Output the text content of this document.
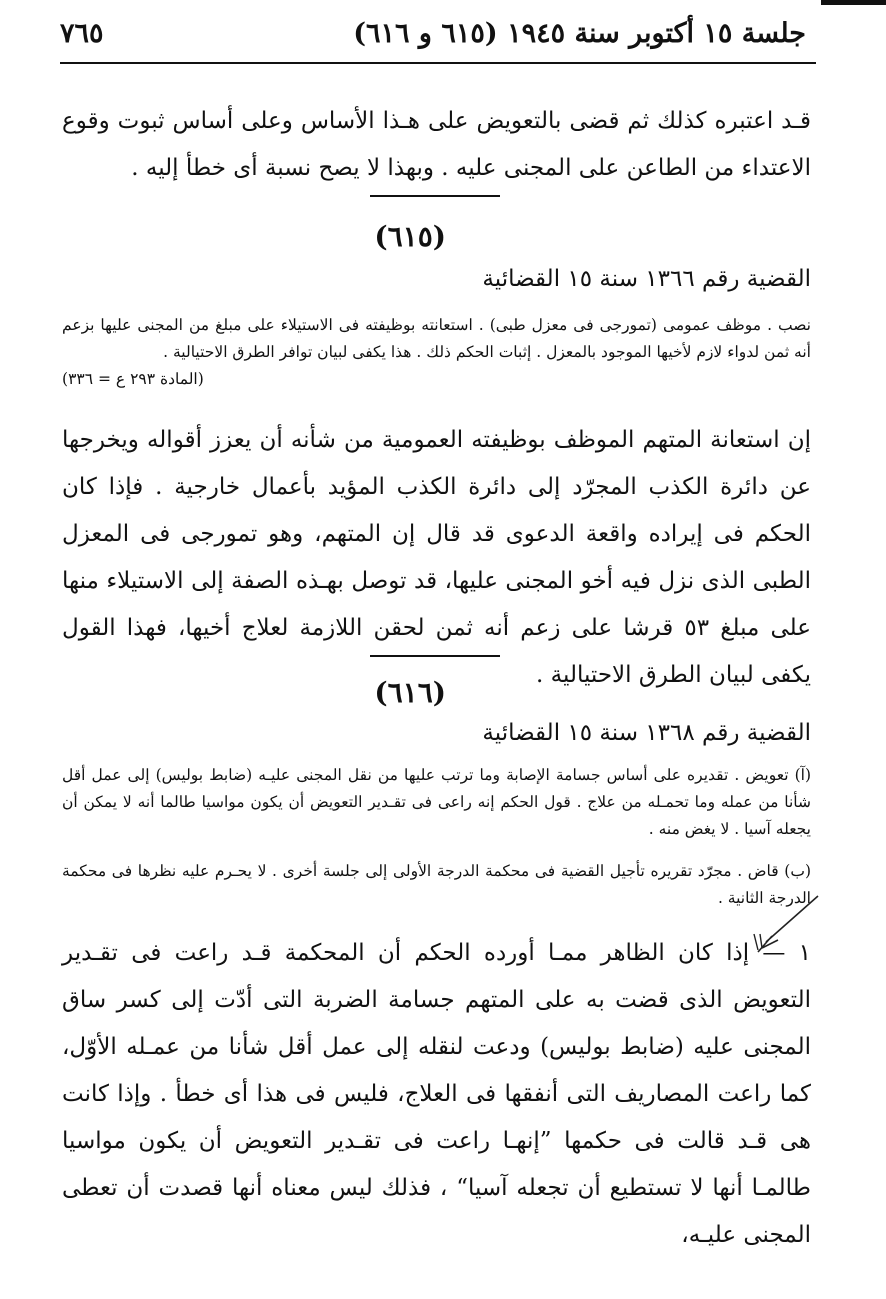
جلسة ١٥ أكتوبر سنة ١٩٤٥ (٦١٥ و ٦١٦)
٧٦٥
قـد اعتبره كذلك ثم قضى بالتعويض على هـذا الأساس وعلى أساس ثبوت وقوع الاعتداء من الطاعن على المجنى عليه . وبهذا لا يصح نسبة أى خطأ إليه .
(٦١٥)
القضية رقم ١٣٦٦ سنة ١٥ القضائية
نصب . موظف عمومى (تمورجى فى معزل طبى) . استعانته بوظيفته فى الاستيلاء على مبلغ من المجنى عليها بزعم أنه ثمن لدواء لازم لأخيها الموجود بالمعزل . إثبات الحكم ذلك . هذا يكفى لبيان توافر الطرق الاحتيالية .
(المادة ٢٩٣ ع = ٣٣٦)
إن استعانة المتهم الموظف بوظيفته العمومية من شأنه أن يعزز أقواله ويخرجها عن دائرة الكذب المجرّد إلى دائرة الكذب المؤيد بأعمال خارجية . فإذا كان الحكم فى إيراده واقعة الدعوى قد قال إن المتهم، وهو تمورجى فى المعزل الطبى الذى نزل فيه أخو المجنى عليها، قد توصل بهـذه الصفة إلى الاستيلاء منها على مبلغ ٥٣ قرشا على زعم أنه ثمن لحقن اللازمة لعلاج أخيها، فهذا القول يكفى لبيان الطرق الاحتيالية .
(٦١٦)
القضية رقم ١٣٦٨ سنة ١٥ القضائية
(آ) تعويض . تقديره على أساس جسامة الإصابة وما ترتب عليها من نقل المجنى عليـه (ضابط بوليس) إلى عمل أقل شأنا من عمله وما تحمـله من علاج . قول الحكم إنه راعى فى تقـدير التعويض أن يكون مواسيا طالما أنه لا يمكن أن يجعله آسيا . لا يغض منه .
(ب) قاض . مجرّد تقريره تأجيل القضية فى محكمة الدرجة الأولى إلى جلسة أخرى . لا يحـرم عليه نظرها فى محكمة الدرجة الثانية .
١ — إذا كان الظاهر ممـا أورده الحكم أن المحكمة قـد راعت فى تقـدير التعويض الذى قضت به على المتهم جسامة الضربة التى أدّت إلى كسر ساق المجنى عليه (ضابط بوليس) ودعت لنقله إلى عمل أقل شأنا من عمـله الأوّل، كما راعت المصاريف التى أنفقها فى العلاج، فليس فى هذا أى خطأ . وإذا كانت هى قـد قالت فى حكمها ”إنهـا راعت فى تقـدير التعويض أن يكون مواسيا طالمـا أنها لا تستطيع أن تجعله آسيا“ ، فذلك ليس معناه أنها قصدت أن تعطى المجنى عليـه،
